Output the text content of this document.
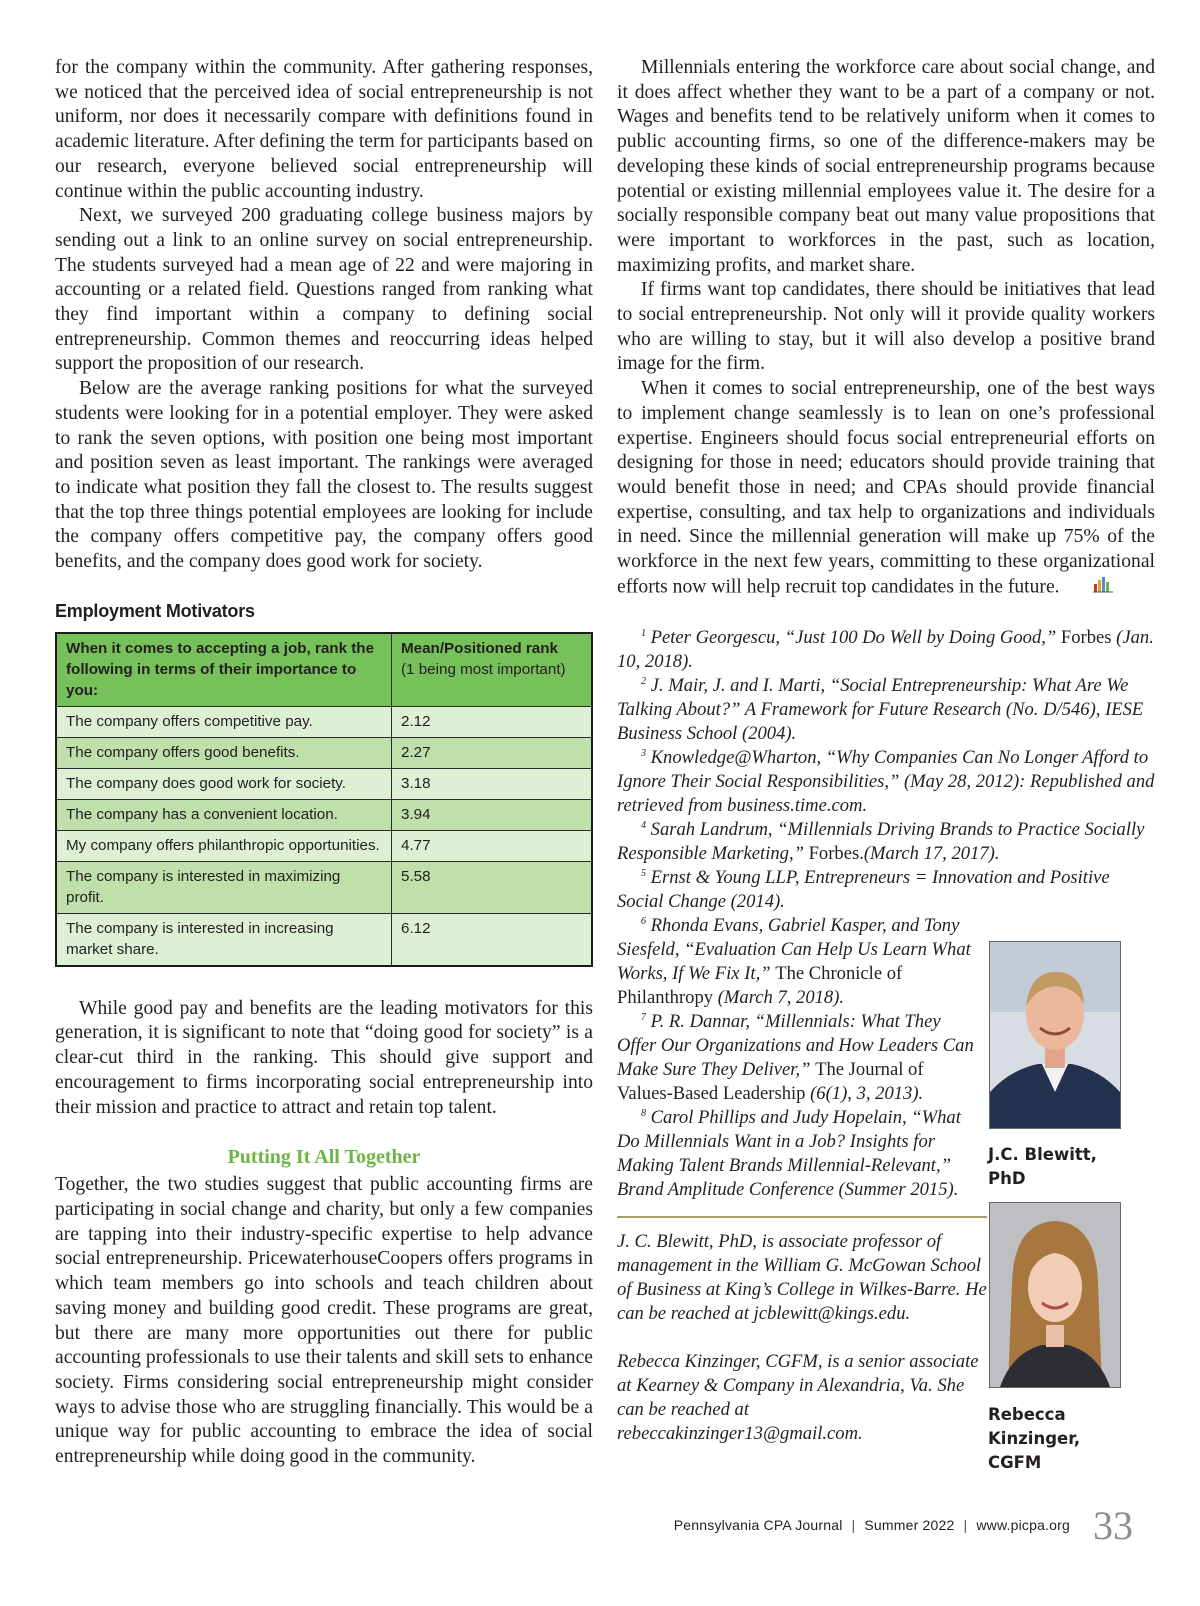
for the company within the community. After gathering responses, we noticed that the perceived idea of social entrepreneurship is not uniform, nor does it necessarily compare with definitions found in academic literature. After defining the term for participants based on our research, everyone believed social entrepreneurship will continue within the public accounting industry.

Next, we surveyed 200 graduating college business majors by sending out a link to an online survey on social entrepreneurship. The students surveyed had a mean age of 22 and were majoring in accounting or a related field. Questions ranged from ranking what they find important within a company to defining social entrepreneurship. Common themes and reoccurring ideas helped support the proposition of our research.

Below are the average ranking positions for what the surveyed students were looking for in a potential employer. They were asked to rank the seven options, with position one being most important and position seven as least important. The rankings were averaged to indicate what position they fall the closest to. The results suggest that the top three things potential employees are looking for include the company offers competitive pay, the company offers good benefits, and the company does good work for society.

Employment Motivators
When it comes to accepting a job, rank the following in terms of their importance to you:	Mean/Positioned rank
(1 being most important)

The company offers competitive pay.	2.12
The company offers good benefits.	2.27
The company does good work for society.	3.18
The company has a convenient location.	3.94
My company offers philanthropic opportunities.	4.77
The company is interested in maximizing profit.	5.58
The company is interested in increasing market share.	6.12

While good pay and benefits are the leading motivators for this generation, it is significant to note that “doing good for society” is a clear-cut third in the ranking. This should give support and encouragement to firms incorporating social entrepreneurship into their mission and practice to attract and retain top talent.

Putting It All Together

Together, the two studies suggest that public accounting firms are participating in social change and charity, but only a few companies are tapping into their industry-specific expertise to help advance social entrepreneurship. PricewaterhouseCoopers offers programs in which team members go into schools and teach children about saving money and building good credit. These programs are great, but there are many more opportunities out there for public accounting professionals to use their talents and skill sets to enhance society. Firms considering social entrepreneurship might consider ways to advise those who are struggling financially. This would be a unique way for public accounting to embrace the idea of social entrepreneurship while doing good in the community.

Millennials entering the workforce care about social change, and it does affect whether they want to be a part of a company or not. Wages and benefits tend to be relatively uniform when it comes to public accounting firms, so one of the difference-makers may be developing these kinds of social entrepreneurship programs because potential or existing millennial employees value it. The desire for a socially responsible company beat out many value propositions that were important to workforces in the past, such as location, maximizing profits, and market share.

If firms want top candidates, there should be initiatives that lead to social entrepreneurship. Not only will it provide quality workers who are willing to stay, but it will also develop a positive brand image for the firm.

When it comes to social entrepreneurship, one of the best ways to implement change seamlessly is to lean on one’s professional expertise. Engineers should focus social entrepreneurial efforts on designing for those in need; educators should provide training that would benefit those in need; and CPAs should provide financial expertise, consulting, and tax help to organizations and individuals in need. Since the millennial generation will make up 75% of the workforce in the next few years, committing to these organizational efforts now will help recruit top candidates in the future.

$^1$ Peter Georgescu, “Just 100 Do Well by Doing Good,” Forbes (Jan. 10, 2018).

$^2$ J. Mair, J. and I. Marti, “Social Entrepreneurship: What Are We Talking About?” A Framework for Future Research (No. D/546), IESE Business School (2004).

$^3$ Knowledge@Wharton, “Why Companies Can No Longer Afford to Ignore Their Social Responsibilities,” (May 28, 2012): Republished and retrieved from business.time.com.

$^4$ Sarah Landrum, “Millennials Driving Brands to Practice Socially Responsible Marketing,” Forbes.(March 17, 2017).

$^5$ Ernst & Young LLP, Entrepreneurs = Innovation and Positive Social Change (2014).

$^6$ Rhonda Evans, Gabriel Kasper, and Tony Siesfeld, “Evaluation Can Help Us Learn What Works, If We Fix It,” The Chronicle of Philanthropy (March 7, 2018).

$^7$ P. R. Dannar, “Millennials: What They Offer Our Organizations and How Leaders Can Make Sure They Deliver,” The Journal of Values-Based Leadership (6(1), 3, 2013).

$^8$ Carol Phillips and Judy Hopelain, “What Do Millennials Want in a Job? Insights for Making Talent Brands Millennial-Relevant,” Brand Amplitude Conference (Summer 2015).

J. C. Blewitt, PhD, is associate professor of management in the William G. McGowan School of Business at King’s College in Wilkes-Barre. He can be reached at jcblewitt@kings.edu.

Rebecca Kinzinger, CGFM, is a senior associate at Kearney & Company in Alexandria, Va. She can be reached at rebeccakinzinger13@gmail.com.

J.C. Blewitt, PhD
Rebecca Kinzinger, CGFM
Pennsylvania CPA Journal | Summer 2022 | www.picpa.org 33
